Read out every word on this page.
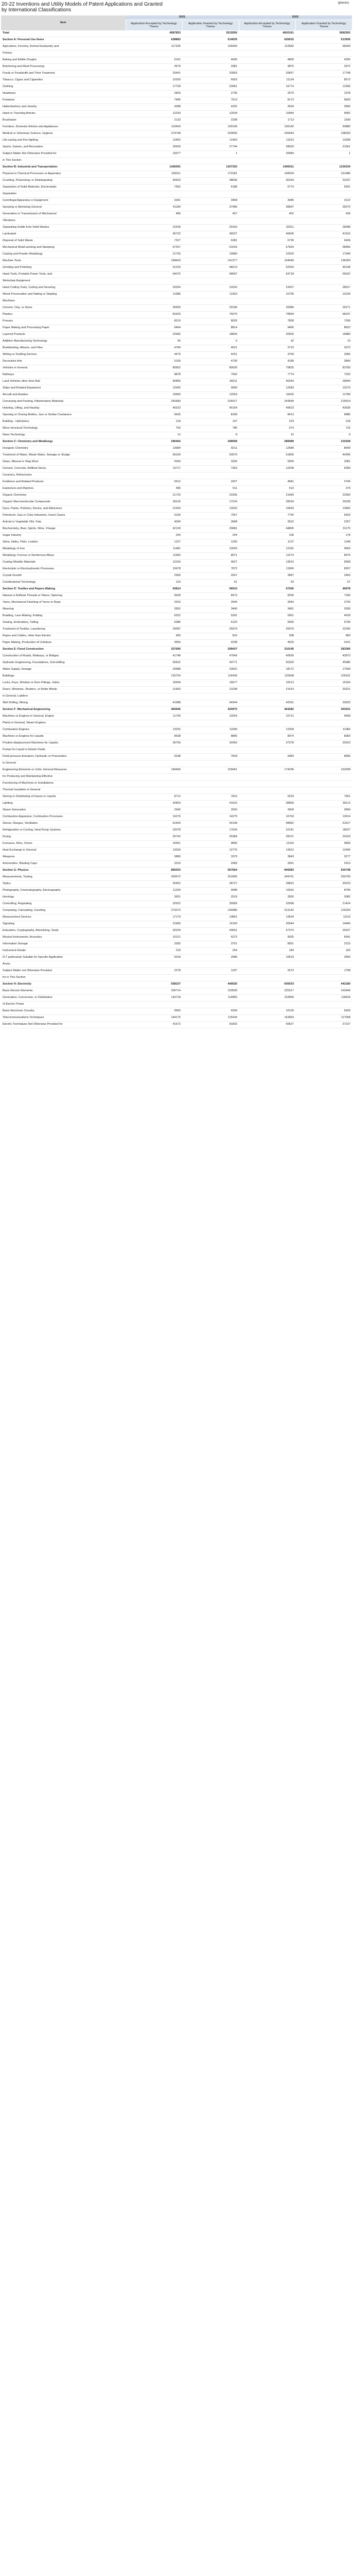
(pieces)
20-22 Inventions and Utility Models of Patent Applications and Granted
by International Classifications
Item	2021		2022	
	Application Accepted by Technology Theme	Application Granted by Technology Theme	Application Accepted by Technology Theme	Application Granted by Technology Theme
Total	4587853	3515556	4602161	3682502
Section A: Personal Use Items	638883	514635	626032	513936
Agriculture, Forestry, Animal Husbandry and	117205	106494	113582	96609
Fishery				
Baking and Edible Doughs	5161	4690	4805	4255
Butchering and Meat Processing	3579	3381	3875	3472
Foods or Foodstuffs and Their Treatment	23441	20563	20657	17748
Tobacco, Cigars and Cigarettes	10293	6953	11124	8572
Clothing	17709	20961	16774	12395
Headwear	2829	2736	2679	1978
Footwear	7846	7613	8173	6833
Haberdashery and Jewelry	4288	4202	3534	3582
Hand or Traveling Articles	12203	12634	10944	9681
Brushware	2133	2208	1713	1599
Furniture, Domestic Articles and Appliances	119463	109109	105192	93883
Medical or Veterinary Science, Hygiene	274748	203656	240444	198203
Life-saving and Fire-fighting	12462	11450	11913	10308
Sports, Games, and Recreation	25593	27744	28029	21561
Subject Matter Not Otherwise Provided for	10077	1	20084	1
in This Section				
Section B: Industrial and Transportation	1426091	1307320	1405011	1230234
Physical or Chemical Processes or Apparatus	165011	170181	168034	161686
Crushing, Pulverizing, or Disintegrating	40623	38636	36164	32337
Separation of Solid Materials, Electrostatic	7662	6188	6774	5991
Separation				
Centrifugal Apparatus or Equipment	3391	3458	3485	3122
Spraying or Atomizing General	41184	37489	38697	36070
Generation or Transmission of Mechanical	480	457	452	436
Vibrations				
Separating Solids from Solid Wastes	31536	29163	32011	28288
Laminated	46722	46537	46605	41910
Disposal of Solid Waste	7327	6381	6730	6434
Mechanical Metal-working and Stamping	67257	61616	67664	58956
Casting and Powder Metallurgy	21750	19983	22029	17940
Machine Tools	168603	141377	164949	136269
Grinding and Polishing	51225	48213	52034	45138
Hand Tools, Portable Power Tools, and	64075	58597	63718	56022
Workshop Equipment				
Hand Cutting Tools, Cutting and Severing	33264	31626	31607	28917
Wood Preservation and Nailing or Stapling	11686	11453	10706	10194
Machines				
Cement, Clay, or Stone	30930	29196	29386	26271
Plastics	81629	76070	78694	68197
Presses	8210	8025	7828	7036
Paper Making and Processing Paper	9464	8814	9465	8622
Layered Products	22682	18834	20550	16889
Additive Manufacturing Technology	55	6	32	10
Bookbinding, Albums, and Files	4784	4621	3710	3372
Writing or Drafting Devices	4479	4251	3769	3366
Decorative Arts	5100	4709	4189	3840
Vehicles in General	80952	80030	79825	83783
Railways	8878	7692	7774	7020
Land Vehicles other than Rail	40855	39211	40343	36844
Ships and Related Equipment	12565	9999	12583	10270
Aircraft and Aviation	16683	12053	16420	12789
Conveying and Packing, Inflammatory Materials	242683	226017	243599	219014
Hoisting, Lifting, and Hauling	49323	45164	49623	43636
Opening or Closing Bottles, Jars or Similar Containers	5635	8168	8413	6886
Building - Upholstery	218	197	223	218
Micro-structural Technology	750	786	674	716
Nano-Technology	12	8	10	9
Section C: Chemistry and Metallurgy	295464	208558	289489	210328
Inorganic Chemistry	13684	8211	12580	8649
Treatment of Water, Waste Water, Sewage or Sludge	69100	53070	61800	44345
Glass, Mineral or Slag Wool	5093	3326	5050	3381
Cement, Concrete, Artificial Stone,	13717	7363	12299	5059
Ceramics, Refractories				
Fertilizers and Related Products	5512	2927	4581	2746
Explosives and Matches	485	511	510	379
Organic Chemistry	21720	20336	21483	23360
Organic Macromolecular Compounds	30116	17224	28234	20236
Dyes, Paints, Polishes, Resins, and Adhesives	21363	12620	19933	12892
Petroleum, Gas or Coke Industries, Insect Gases	9106	7557	7740	6429
Animal or Vegetable Oils, Fats	4094	3668	3522	2267
Biochemistry, Beer, Spirits, Wine, Vinegar	42130	29681	44895	31175
Sugar Industry	244	244	236	178
Skins, Hides, Pelts, Leather	1227	1200	1137	1248
Metallurgy of Iron	11481	10029	12181	9063
Metallurgy; Ferrous or Nonferrous Alloys	11682	8071	12274	8476
Coating Metallic Materials	13150	9627	13610	9558
Electrolytic or Electrophoretic Processes	10678	7872	11960	8267
Crystal Growth	2960	2647	3687	2463
Combinatorial Technology	123	61	93	67
Section D: Textiles and Papers Making	63814	56510	57265	49078
Natural or Artificial Threads or Fibers; Spinning	9628	8473	8290	7340
Yarns, Mechanical Finishing of Yarns or Rope	2916	2645	3043	2703
Weaving	3952	3440	3481	3036
Braiding, Lace-Making, Knitting	6322	5391	5951	4918
Sewing, Embroidery, Tufting	6386	6120	5555	5799
Treatment of Textiles, Laundering	29087	25979	26079	22265
Ropes and Cables, other than Electric	969	816	938	860
Paper Making, Production of Cellulose	4954	4238	4520	4141
Section E: Fixed Construction	327690	299437	310145	283366
Construction of Roads, Railways, or Bridges	41748	47649	40630	43973
Hydraulic Engineering, Foundations, Soil-shifting	50622	43771	50329	45986
Water Supply, Sewage	20988	20622	18172	17599
Buildings	125754	114436	115568	105321
Locks, Keys, Window or Door Fittings, Safes	16949	16677	16213	15164
Doors, Windows, Shutters, or Roller Blinds	21963	21038	21419	20221
in General, Ladders				
Well Drilling, Mining	41588	34344	42291	33625
Section F: Mechanical Engineering	460946	420975	464282	403031
Machines or Engines in General, Engine	11705	10264	10712	9658
Plants in General, Steam Engines				
Combustion Engines	13202	11690	12309	11083
Machines or Engines for Liquids	8538	8806	8974	8360
Positive-displacement Machines for Liquids;	36769	32963	37378	32623
Pumps for Liquid or Elastic Fluids				
Fluid-pressure Actuators; Hydraulic or Pneumatics	9238	7818	9383	8666
in General				
Engineering Elements or Units; General Measures	166669	155661	174296	162928
for Producing and Maintaining Effective				
Functioning of Machines or Installations;				
Thermal Insulation in General				
Storing or Distributing of Gases or Liquids	8712	7810	9233	7661
Lighting	42853	41610	38969	35113
Steam Generation	2940	3020	3009	2894
Combustion Apparatus; Combustion Processes	16276	14275	16763	13014
Stoves, Ranges, Ventilation	61464	54108	58962	51617
Refrigeration or Cooling, Heat Pump Systems	23078	17634	22141	18527
Drying	26742	26384	28121	24153
Furnaces, Kilns, Ovens	10651	9856	11154	9836
Heat Exchange in General	13334	12776	13912	12445
Weapons	3880	3379	3843	3277
Ammunition, Blasting Caps	3319	2483	3391	2913
Section G: Physics	806253	567664	849383	520748
Measurements, Testing	326672	261805	344761	259759
Optics	26452	28727	28815	30223
Photography, Cinematography, Electrography	11200	9098	10916	8796
Horology	3651	2519	3655	3082
Controlling, Regulating	32922	26683	32068	21424
Computing, Calculating, Counting	274373	149980	313142	126293
Measurement Devices	17179	13801	13534	11116
Signaling	21683	16150	20044	14666
Education, Cryptography, Advertising, Seals	32234	43691	47373	25427
Musical Instruments, Acoustics	10121	6372	9025	6041
Information Storage	3282	3751	8051	2215
Instrument Details	233	264	184	160
ICT particularly Suitable for Specific Application	5018	2589	10519	3450
Areas				
Subject Matter not Otherwise Provided	2278	1297	2673	1758
for in This Section				
Section H: Electricity	558237	440526	605033	442180
Basic Electric Elements	206714	153530	225317	162646
Generation, Conversion, or Distribution	143718	114866	153966	118434
of Electric Power				
Basic Electronic Circuitry	9963	6304	10126	6429
Telecommunications Techniques	144175	115434	163963	117058
Electric Techniques Not Otherwise Provided for	41672	50392	50627	37227
